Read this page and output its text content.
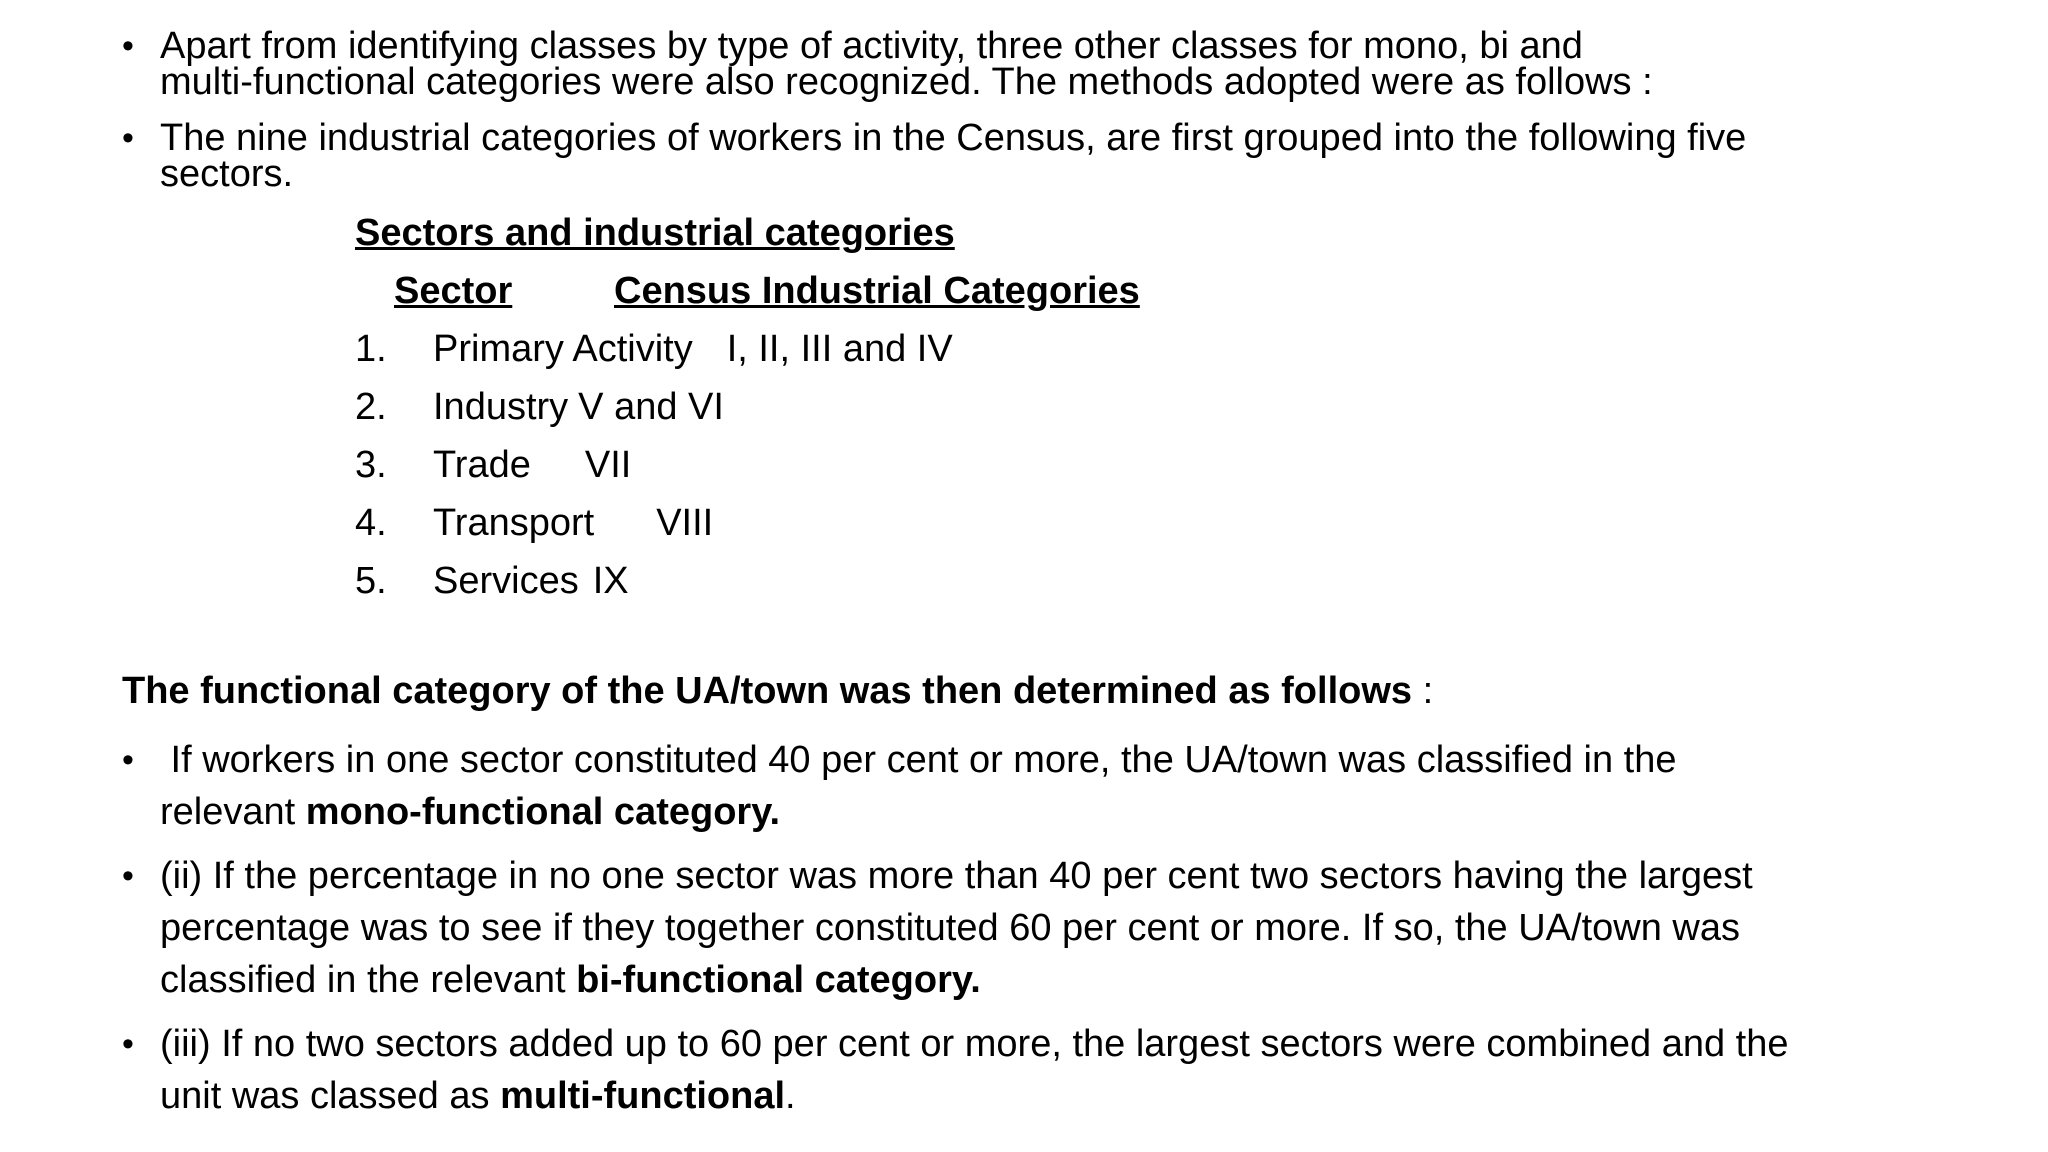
• Apart from identifying classes by type of activity, three other classes for mono, bi and
multi-functional categories were also recognized. The methods adopted were as follows :
• The nine industrial categories of workers in the Census, are first grouped into the following five
sectors.
Sectors and industrial categories
Sector	Census Industrial Categories
1. Primary Activity I, II, III and IV
2. Industry V and VI
3. Trade VII
4. Transport VIII
5. Services IX
The functional category of the UA/town was then determined as follows :
• If workers in one sector constituted 40 per cent or more, the UA/town was classified in the
relevant mono-functional category.
• (ii) If the percentage in no one sector was more than 40 per cent two sectors having the largest
percentage was to see if they together constituted 60 per cent or more. If so, the UA/town was
classified in the relevant bi-functional category.
• (iii) If no two sectors added up to 60 per cent or more, the largest sectors were combined and the
unit was classed as multi-functional.
